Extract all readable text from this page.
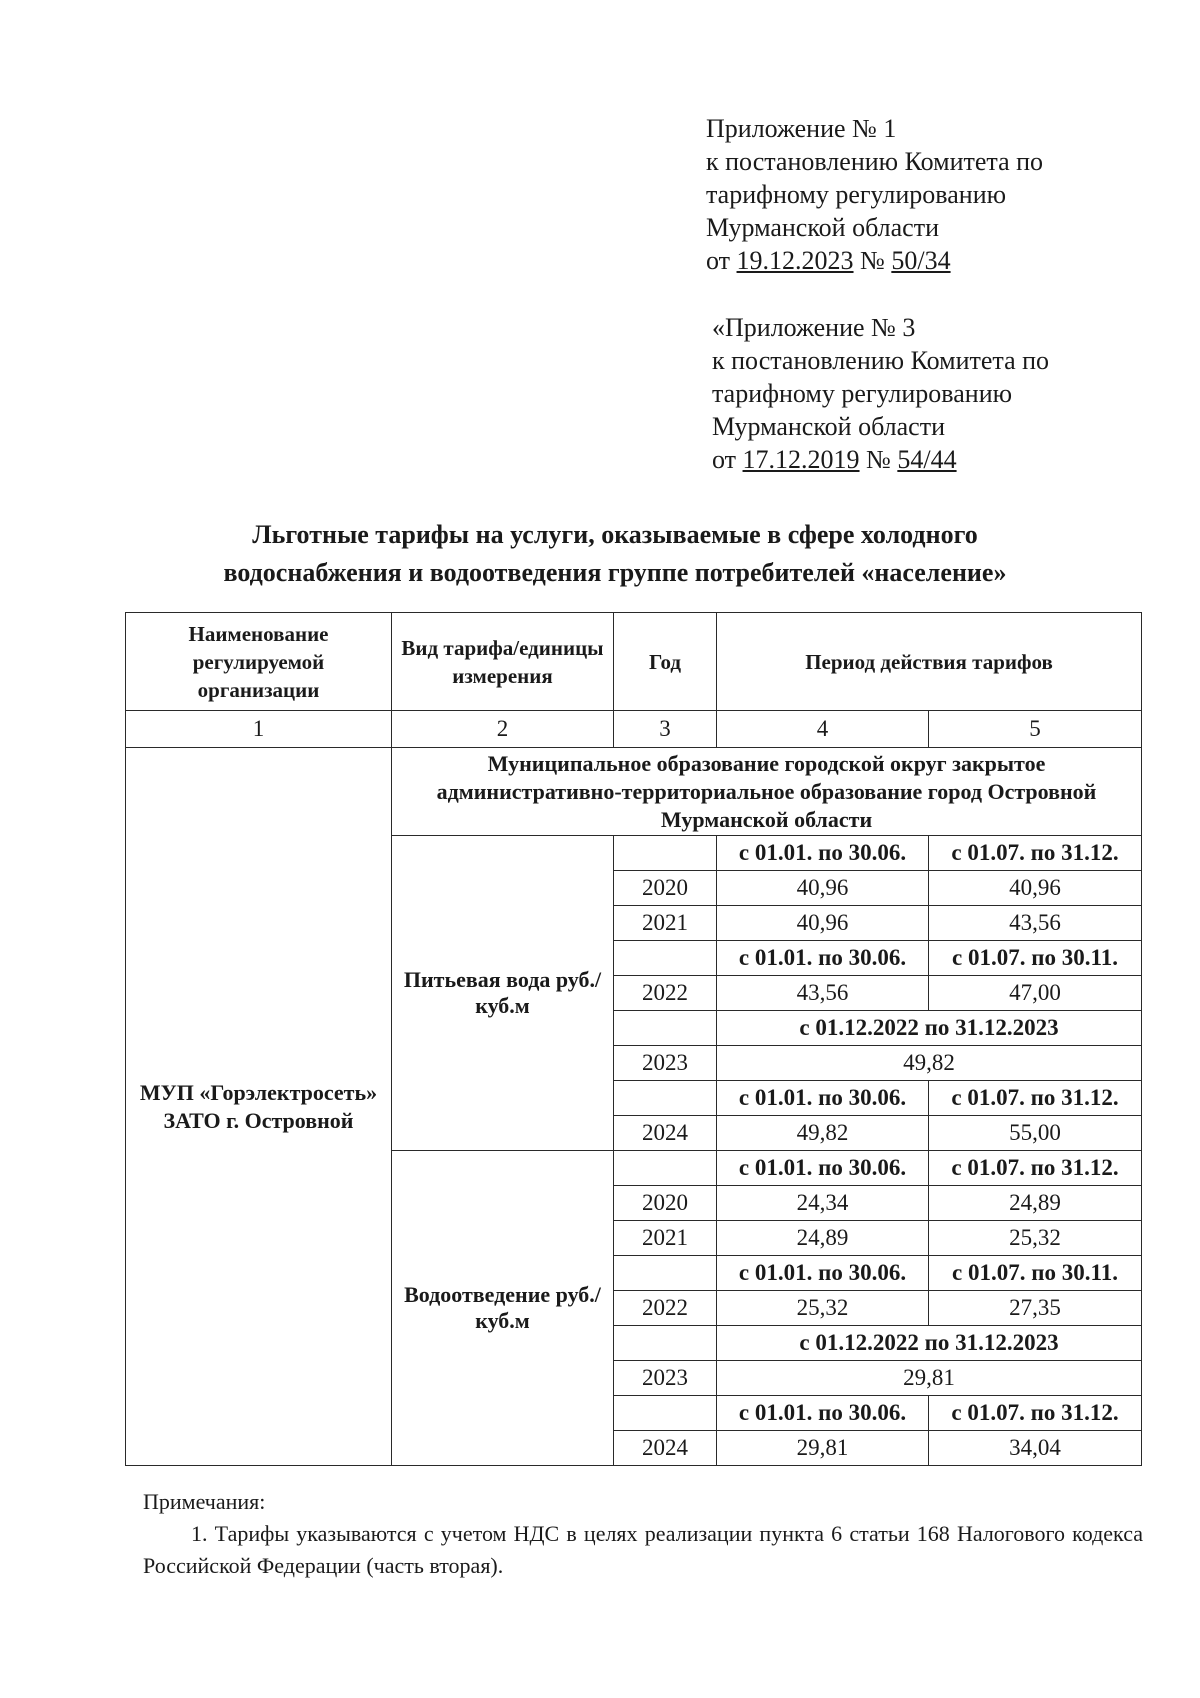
Приложение № 1
к постановлению Комитета по
тарифному регулированию
Мурманской области
от 19.12.2023 № 50/34
«Приложение № 3
к постановлению Комитета по
тарифному регулированию
Мурманской области
от 17.12.2019 № 54/44
Льготные тарифы на услуги, оказываемые в сфере холодного
водоснабжения и водоотведения группе потребителей «население»
Наименование регулируемой организации	Вид тарифа/единицы измерения	Год	Период действия тарифов	
1	2	3	4	5
МУП «Горэлектросеть» ЗАТО г. Островной	Муниципальное образование городской округ закрытое административно-территориальное образование город Островной Мурманской области			
	Питьевая вода руб./куб.м		с 01.01. по 30.06.	с 01.07. по 31.12.
		2020	40,96	40,96
		2021	40,96	43,56
			с 01.01. по 30.06.	с 01.07. по 30.11.
		2022	43,56	47,00
			с 01.12.2022 по 31.12.2023	
		2023	49,82	
			с 01.01. по 30.06.	с 01.07. по 31.12.
		2024	49,82	55,00
	Водоотведение руб./куб.м		с 01.01. по 30.06.	с 01.07. по 31.12.
		2020	24,34	24,89
		2021	24,89	25,32
			с 01.01. по 30.06.	с 01.07. по 30.11.
		2022	25,32	27,35
			с 01.12.2022 по 31.12.2023	
		2023	29,81	
			с 01.01. по 30.06.	с 01.07. по 31.12.
		2024	29,81	34,04
Примечания:
1. Тарифы указываются с учетом НДС в целях реализации пункта 6 статьи 168 Налогового кодекса Российской Федерации (часть вторая).
